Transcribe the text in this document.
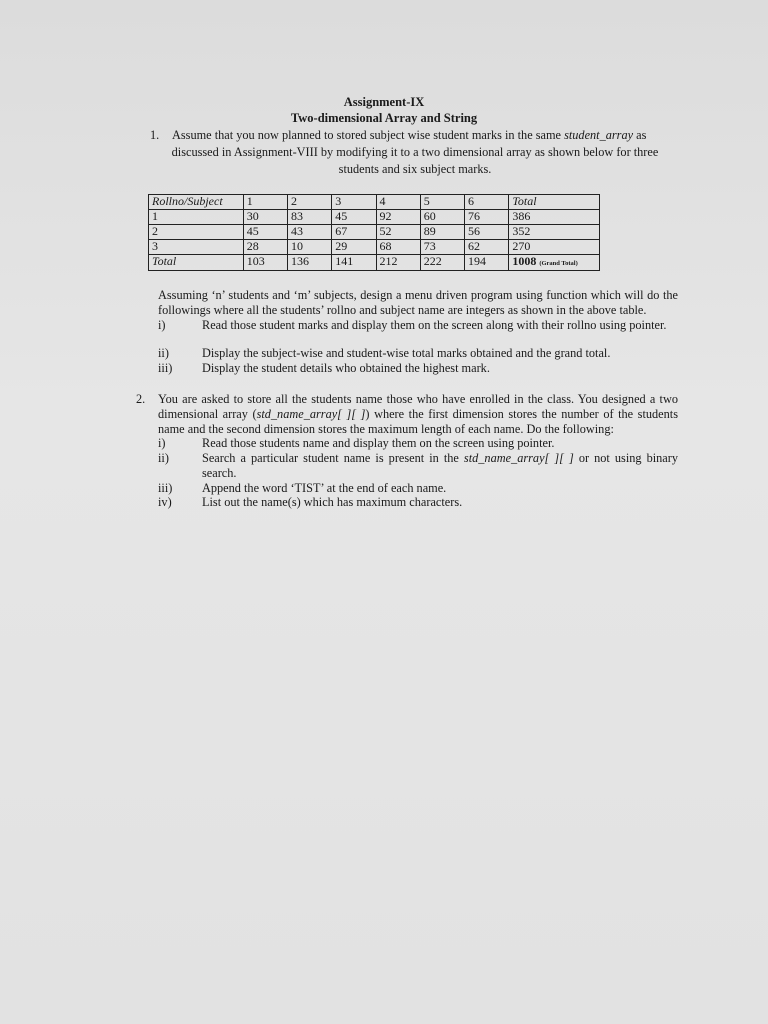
Assignment-IX
Two-dimensional Array and String
1. Assume that you now planned to stored subject wise student marks in the same student_array as
discussed in Assignment-VIII by modifying it to a two dimensional array as shown below for three
students and six subject marks.
Rollno/Subject	1	2	3	4	5	6	Total
1	30	83	45	92	60	76	386
2	45	43	67	52	89	56	352
3	28	10	29	68	73	62	270
Total	103	136	141	212	222	194	1008 (Grand Total)
Assuming ‘n’ students and ‘m’ subjects, design a menu driven program using function which will do the followings where all the students’ rollno and subject name are integers as shown in the above table.
i)	Read those student marks and display them on the screen along with their rollno using pointer.
ii)	Display the subject-wise and student-wise total marks obtained and the grand total.
iii) Display the student details who obtained the highest mark.
2. You are asked to store all the students name those who have enrolled in the class. You designed a two dimensional array (std_name_array[ ][ ]) where the first dimension stores the number of the students name and the second dimension stores the maximum length of each name. Do the following:
i)	Read those students name and display them on the screen using pointer.
ii)	Search a particular student name is present in the std_name_array[ ][ ] or not using binary search.
iii) Append the word ‘TIST’ at the end of each name.
iv) List out the name(s) which has maximum characters.
